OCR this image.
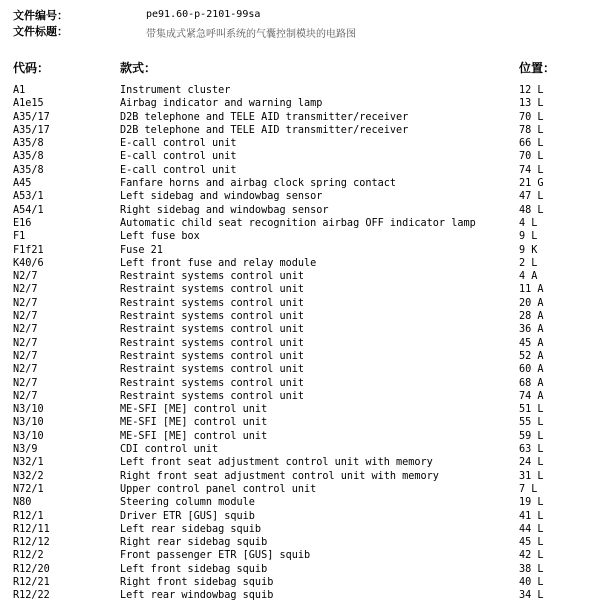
文件编号：	pe91.60-p-2101-99sa
文件标题：	带集成式紧急呼叫系统的气囊控制模块的电路图
代码：	款式：	位置：
A1	Instrument cluster	12 L
A1e15	Airbag indicator and warning lamp	13 L
A35/17	D2B telephone and TELE AID transmitter/receiver	70 L
A35/17	D2B telephone and TELE AID transmitter/receiver	78 L
A35/8	E-call control unit	66 L
A35/8	E-call control unit	70 L
A35/8	E-call control unit	74 L
A45	Fanfare horns and airbag clock spring contact	21 G
A53/1	Left sidebag and windowbag sensor	47 L
A54/1	Right sidebag and windowbag sensor	48 L
E16	Automatic child seat recognition airbag OFF indicator lamp	4 L
F1	Left fuse box	9 L
F1f21	Fuse 21	9 K
K40/6	Left front fuse and relay module	2 L
N2/7	Restraint systems control unit	4 A
N2/7	Restraint systems control unit	11 A
N2/7	Restraint systems control unit	20 A
N2/7	Restraint systems control unit	28 A
N2/7	Restraint systems control unit	36 A
N2/7	Restraint systems control unit	45 A
N2/7	Restraint systems control unit	52 A
N2/7	Restraint systems control unit	60 A
N2/7	Restraint systems control unit	68 A
N2/7	Restraint systems control unit	74 A
N3/10	ME-SFI [ME] control unit	51 L
N3/10	ME-SFI [ME] control unit	55 L
N3/10	ME-SFI [ME] control unit	59 L
N3/9	CDI control unit	63 L
N32/1	Left front seat adjustment control unit with memory	24 L
N32/2	Right front seat adjustment control unit with memory	31 L
N72/1	Upper control panel control unit	7 L
N80	Steering column module	19 L
R12/1	Driver ETR [GUS] squib	41 L
R12/11	Left rear sidebag squib	44 L
R12/12	Right rear sidebag squib	45 L
R12/2	Front passenger ETR [GUS] squib	42 L
R12/20	Left front sidebag squib	38 L
R12/21	Right front sidebag squib	40 L
R12/22	Left rear windowbag squib	34 L
